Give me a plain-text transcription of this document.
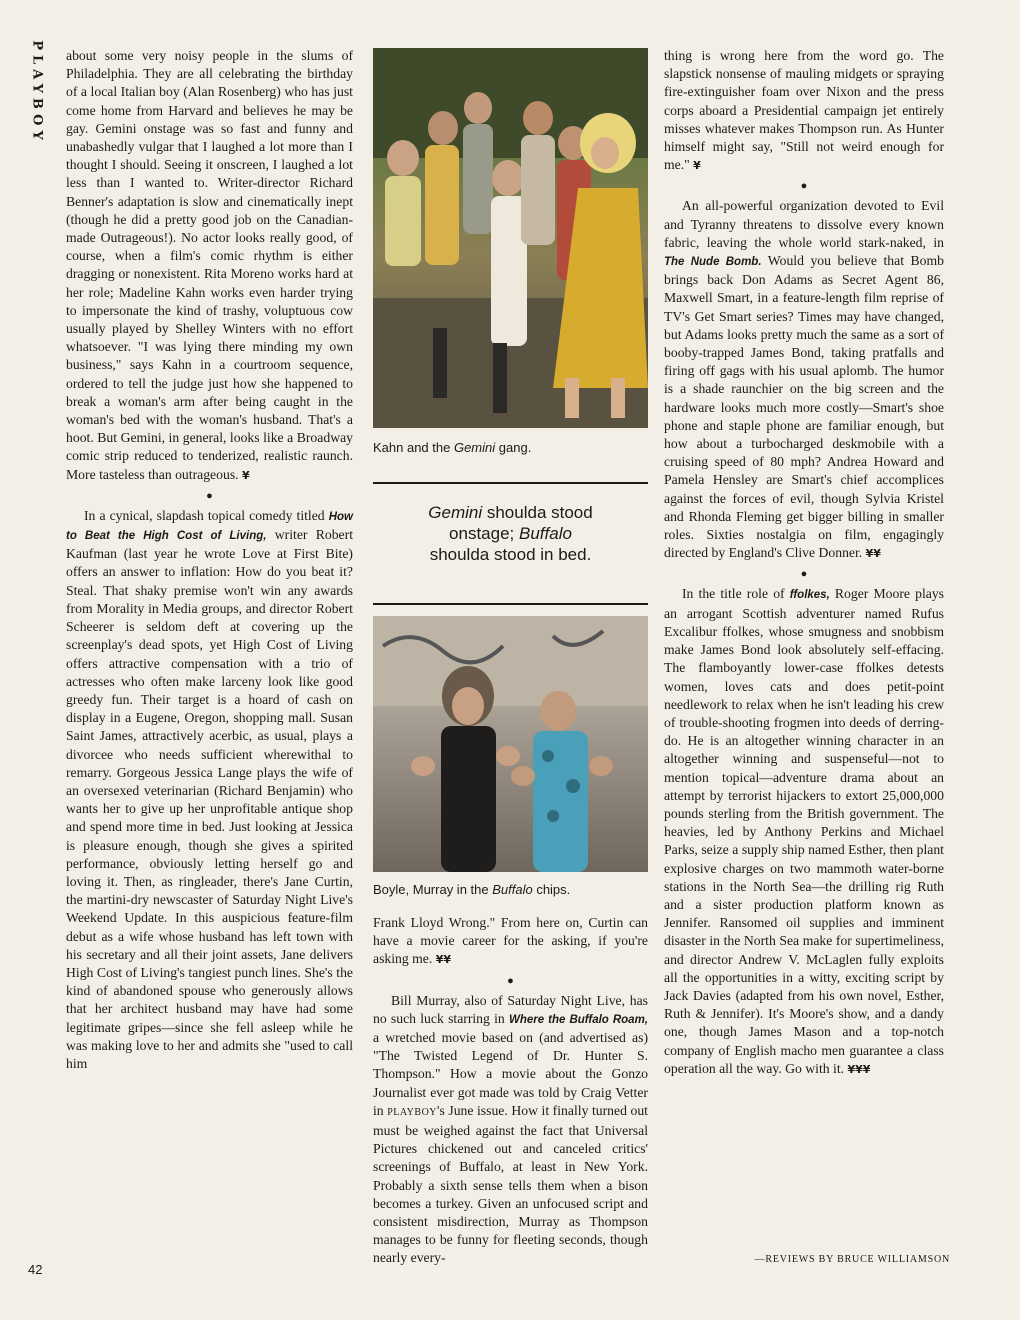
PLAYBOY
42

about some very noisy people in the slums of Philadelphia. They are all celebrating the birthday of a local Italian boy (Alan Rosenberg) who has just come home from Harvard and believes he may be gay. Gemini onstage was so fast and funny and unabashedly vulgar that I laughed a lot more than I thought I should. Seeing it onscreen, I laughed a lot less than I wanted to. Writer-director Richard Benner's adaptation is slow and cinematically inept (though he did a pretty good job on the Canadian-made Outrageous!). No actor looks really good, of course, when a film's comic rhythm is either dragging or nonexistent. Rita Moreno works hard at her role; Madeline Kahn works even harder trying to impersonate the kind of trashy, voluptuous cow usually played by Shelley Winters with no effort whatsoever. "I was lying there minding my own business," says Kahn in a courtroom sequence, ordered to tell the judge just how she happened to break a woman's arm after being caught in the woman's bed with the woman's husband. That's a hoot. But Gemini, in general, looks like a Broadway comic strip reduced to tenderized, realistic raunch. More tasteless than outrageous. ¥

●

In a cynical, slapdash topical comedy titled How to Beat the High Cost of Living, writer Robert Kaufman (last year he wrote Love at First Bite) offers an answer to inflation: How do you beat it? Steal. That shaky premise won't win any awards from Morality in Media groups, and director Robert Scheerer is seldom deft at covering up the screenplay's dead spots, yet High Cost of Living offers attractive compensation with a trio of actresses who often make larceny look like good greedy fun. Their target is a hoard of cash on display in a Eugene, Oregon, shopping mall. Susan Saint James, attractively acerbic, as usual, plays a divorcee who needs sufficient wherewithal to remarry. Gorgeous Jessica Lange plays the wife of an oversexed veterinarian (Richard Benjamin) who wants her to give up her unprofitable antique shop and spend more time in bed. Just looking at Jessica is pleasure enough, though she gives a spirited performance, obviously letting herself go and loving it. Then, as ringleader, there's Jane Curtin, the martini-dry newscaster of Saturday Night Live's Weekend Update. In this auspicious feature-film debut as a wife whose husband has left town with his secretary and all their joint assets, Jane delivers High Cost of Living's tangiest punch lines. She's the kind of abandoned spouse who generously allows that her architect husband may have had some legitimate gripes—since she fell asleep while he was making love to her and admits she "used to call him

Kahn and the Gemini gang.
Gemini shoulda stood
onstage; Buffalo
shoulda stood in bed.
Boyle, Murray in the Buffalo chips.

Frank Lloyd Wrong." From here on, Curtin can have a movie career for the asking, if you're asking me. ¥¥

●

Bill Murray, also of Saturday Night Live, has no such luck starring in Where the Buffalo Roam, a wretched movie based on (and advertised as) "The Twisted Legend of Dr. Hunter S. Thompson." How a movie about the Gonzo Journalist ever got made was told by Craig Vetter in PLAYBOY's June issue. How it finally turned out must be weighed against the fact that Universal Pictures chickened out and canceled critics' screenings of Buffalo, at least in New York. Probably a sixth sense tells them when a bison becomes a turkey. Given an unfocused script and consistent misdirection, Murray as Thompson manages to be funny for fleeting seconds, though nearly every-

thing is wrong here from the word go. The slapstick nonsense of mauling midgets or spraying fire-extinguisher foam over Nixon and the press corps aboard a Presidential campaign jet entirely misses whatever makes Thompson run. As Hunter himself might say, "Still not weird enough for me." ¥

●

An all-powerful organization devoted to Evil and Tyranny threatens to dissolve every known fabric, leaving the whole world stark-naked, in The Nude Bomb. Would you believe that Bomb brings back Don Adams as Secret Agent 86, Maxwell Smart, in a feature-length film reprise of TV's Get Smart series? Times may have changed, but Adams looks pretty much the same as a sort of booby-trapped James Bond, taking pratfalls and firing off gags with his usual aplomb. The humor is a shade raunchier on the big screen and the hardware looks much more costly—Smart's shoe phone and staple phone are familiar enough, but how about a turbocharged deskmobile with a cruising speed of 80 mph? Andrea Howard and Pamela Hensley are Smart's chief accomplices against the forces of evil, though Sylvia Kristel and Rhonda Fleming get bigger billing in smaller roles. Sixties nostalgia on film, engagingly directed by England's Clive Donner. ¥¥

●

In the title role of ffolkes, Roger Moore plays an arrogant Scottish adventurer named Rufus Excalibur ffolkes, whose smugness and snobbism make James Bond look absolutely self-effacing. The flamboyantly lower-case ffolkes detests women, loves cats and does petit-point needlework to relax when he isn't leading his crew of trouble-shooting frogmen into deeds of derring-do. He is an altogether winning character in an altogether winning and suspenseful—not to mention topical—adventure drama about an attempt by terrorist hijackers to extort 25,000,000 pounds sterling from the British government. The heavies, led by Anthony Perkins and Michael Parks, seize a supply ship named Esther, then plant explosive charges on two mammoth water-borne stations in the North Sea—the drilling rig Ruth and a sister production platform known as Jennifer. Ransomed oil supplies and imminent disaster in the North Sea make for supertimeliness, and director Andrew V. McLaglen fully exploits all the opportunities in a witty, exciting script by Jack Davies (adapted from his own novel, Esther, Ruth & Jennifer). It's Moore's show, and a dandy one, though James Mason and a top-notch company of English macho men guarantee a class operation all the way. Go with it. ¥¥¥

—REVIEWS BY BRUCE WILLIAMSON
